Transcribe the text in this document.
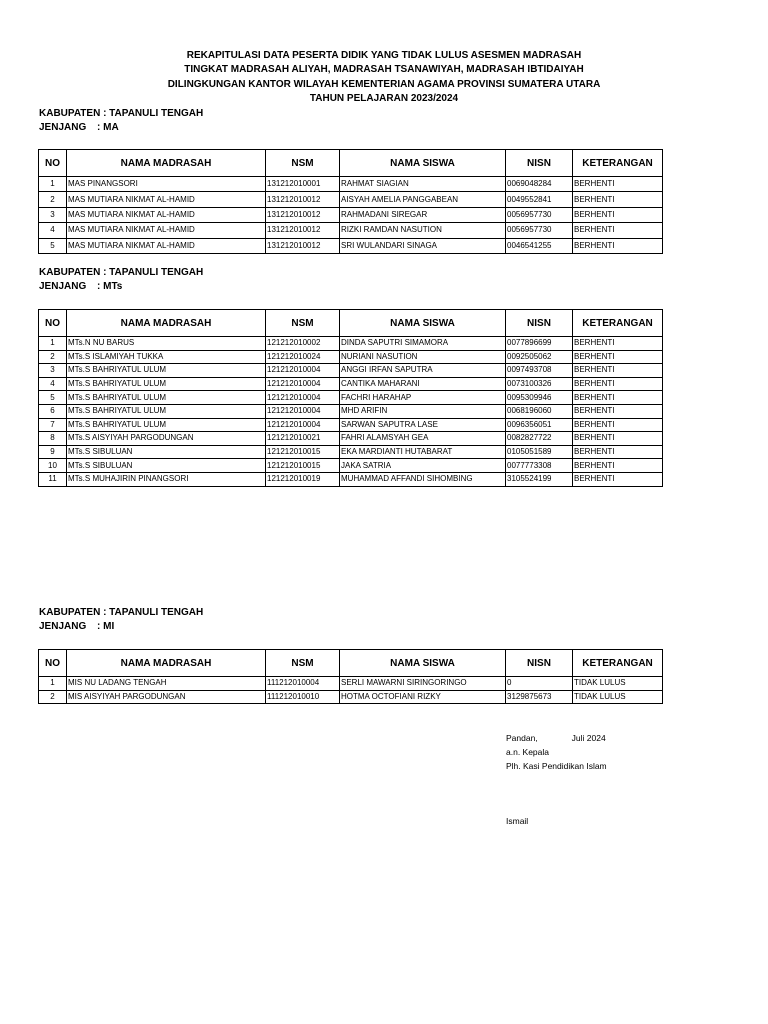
REKAPITULASI DATA PESERTA DIDIK YANG TIDAK LULUS ASESMEN MADRASAH
TINGKAT MADRASAH ALIYAH, MADRASAH TSANAWIYAH, MADRASAH IBTIDAIYAH
DILINGKUNGAN KANTOR WILAYAH KEMENTERIAN AGAMA PROVINSI SUMATERA UTARA
TAHUN PELAJARAN 2023/2024
KABUPATEN : TAPANULI TENGAH
JENJANG	: MA
NO	NAMA MADRASAH	NSM	NAMA SISWA	NISN	KETERANGAN
1	MAS PINANGSORI	131212010001	RAHMAT SIAGIAN	0069048284	BERHENTI
2	MAS MUTIARA NIKMAT AL-HAMID	131212010012	AISYAH AMELIA PANGGABEAN	0049552841	BERHENTI
3	MAS MUTIARA NIKMAT AL-HAMID	131212010012	RAHMADANI SIREGAR	0056957730	BERHENTI
4	MAS MUTIARA NIKMAT AL-HAMID	131212010012	RIZKI RAMDAN NASUTION	0056957730	BERHENTI
5	MAS MUTIARA NIKMAT AL-HAMID	131212010012	SRI WULANDARI SINAGA	0046541255	BERHENTI
KABUPATEN : TAPANULI TENGAH
JENJANG	: MTs
NO	NAMA MADRASAH	NSM	NAMA SISWA	NISN	KETERANGAN
1	MTs.N NU BARUS	121212010002	DINDA SAPUTRI SIMAMORA	0077896699	BERHENTI
2	MTs.S ISLAMIYAH TUKKA	121212010024	NURIANI NASUTION	0092505062	BERHENTI
3	MTs.S BAHRIYATUL ULUM	121212010004	ANGGI IRFAN SAPUTRA	0097493708	BERHENTI
4	MTs.S BAHRIYATUL ULUM	121212010004	CANTIKA MAHARANI	0073100326	BERHENTI
5	MTs.S BAHRIYATUL ULUM	121212010004	FACHRI HARAHAP	0095309946	BERHENTI
6	MTs.S BAHRIYATUL ULUM	121212010004	MHD ARIFIN	0068196060	BERHENTI
7	MTs.S BAHRIYATUL ULUM	121212010004	SARWAN SAPUTRA LASE	0096356051	BERHENTI
8	MTs.S AISYIYAH PARGODUNGAN	121212010021	FAHRI ALAMSYAH GEA	0082827722	BERHENTI
9	MTs.S SIBULUAN	121212010015	EKA MARDIANTI HUTABARAT	0105051589	BERHENTI
10	MTs.S SIBULUAN	121212010015	JAKA SATRIA	0077773308	BERHENTI
11	MTs.S MUHAJIRIN PINANGSORI	121212010019	MUHAMMAD AFFANDI SIHOMBING	3105524199	BERHENTI
KABUPATEN : TAPANULI TENGAH
JENJANG	: MI
NO	NAMA MADRASAH	NSM	NAMA SISWA	NISN	KETERANGAN
1	MIS NU LADANG TENGAH	111212010004	SERLI MAWARNI SIRINGORINGO	0	TIDAK LULUS
2	MIS AISYIYAH PARGODUNGAN	111212010010	HOTMA OCTOFIANI RIZKY	3129875673	TIDAK LULUS
Pandan,	Juli 2024
a.n. Kepala
Plh. Kasi Pendidikan Islam
Ismail
